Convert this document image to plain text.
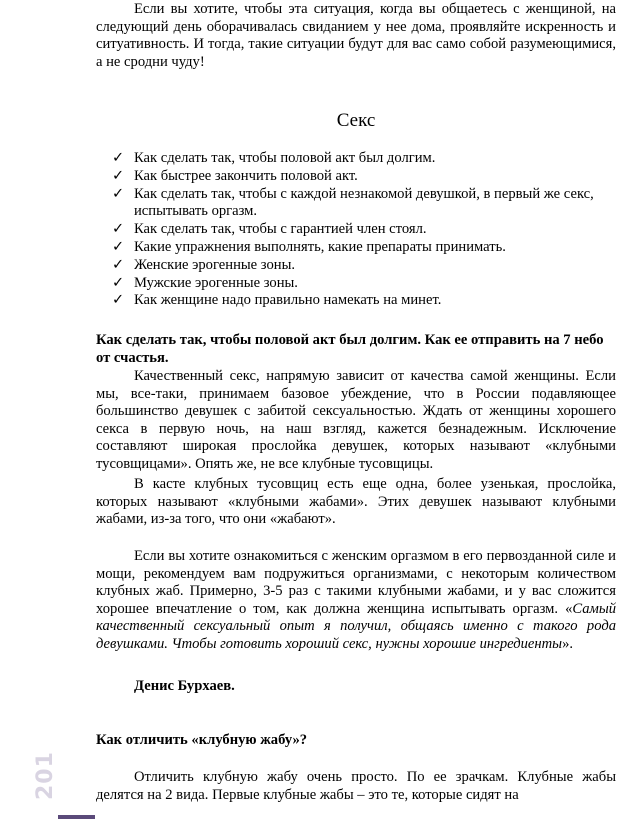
Если вы хотите, чтобы эта ситуация, когда вы общаетесь с женщиной, на следующий день оборачивалась свиданием у нее дома, проявляйте искренность и ситуативность. И тогда, такие ситуации будут для вас само собой разумеющимися, а не сродни чуду!

Секс
✓ Как сделать так, чтобы половой акт был долгим.
✓ Как быстрее закончить половой акт.
✓ Как сделать так, чтобы с каждой незнакомой девушкой, в первый же секс, испытывать оргазм.
✓ Как сделать так, чтобы с гарантией член стоял.
✓ Какие упражнения выполнять, какие препараты принимать.
✓ Женские эрогенные зоны.
✓ Мужские эрогенные зоны.
✓ Как женщине надо правильно намекать на минет.

Как сделать так, чтобы половой акт был долгим. Как ее отправить на 7 небо от счастья.

Качественный секс, напрямую зависит от качества самой женщины. Если мы, все-таки, принимаем базовое убеждение, что в России подавляющее большинство девушек с забитой сексуальностью. Ждать от женщины хорошего секса в первую ночь, на наш взгляд, кажется безнадежным. Исключение составляют широкая прослойка девушек, которых называют «клубными тусовщицами». Опять же, не все клубные тусовщицы.

В касте клубных тусовщиц есть еще одна, более узенькая, прослойка, которых называют «клубными жабами». Этих девушек называют клубными жабами, из-за того, что они «жабают».

Если вы хотите ознакомиться с женским оргазмом в его первозданной силе и мощи, рекомендуем вам подружиться организмами, с некоторым количеством клубных жаб. Примерно, 3-5 раз с такими клубными жабами, и у вас сложится хорошее впечатление о том, как должна женщина испытывать оргазм. «Самый качественный сексуальный опыт я получил, общаясь именно с такого рода девушками. Чтобы готовить хороший секс, нужны хорошие ингредиенты».

Денис Бурхаев.

Как отличить «клубную жабу»?

Отличить клубную жабу очень просто. По ее зрачкам. Клубные жабы делятся на 2 вида. Первые клубные жабы – это те, которые сидят на

201
